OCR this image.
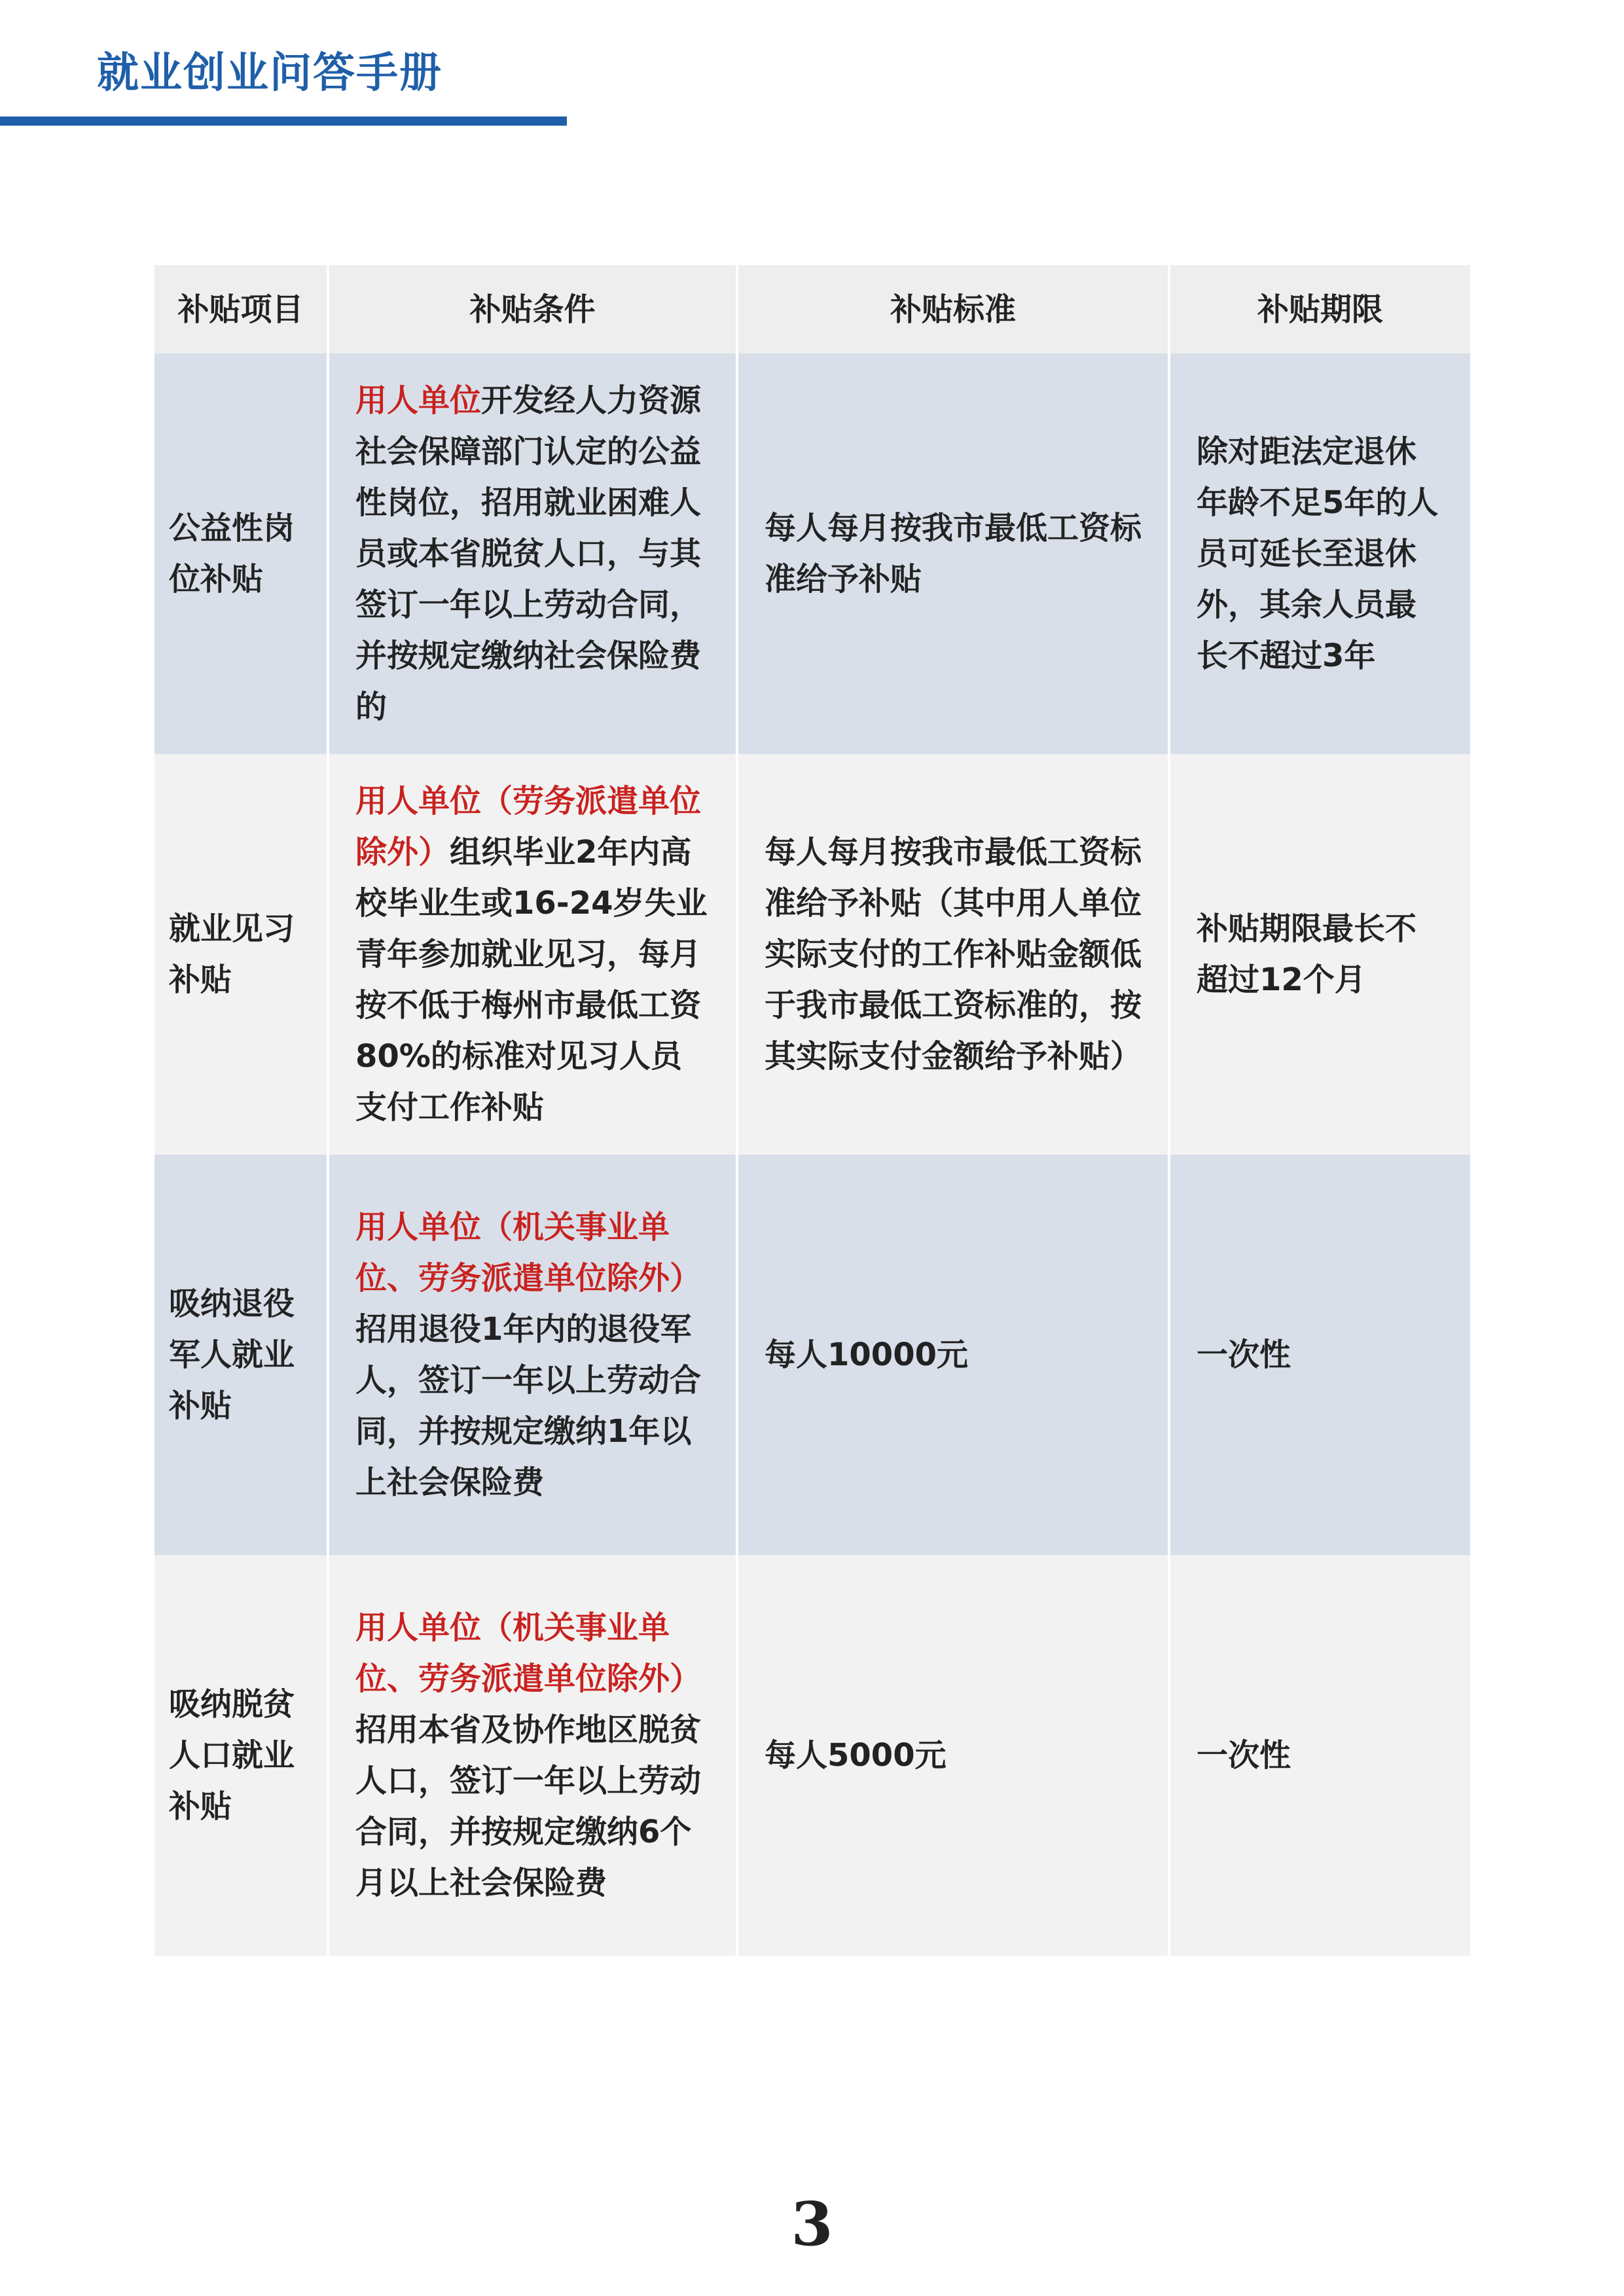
就业创业问答手册
补贴项目	补贴条件	补贴标准	补贴期限
公益性岗位补贴	用人单位开发经人力资源社会保障部门认定的公益性岗位，招用就业困难人员或本省脱贫人口，与其签订一年以上劳动合同，并按规定缴纳社会保险费的	每人每月按我市最低工资标准给予补贴	除对距法定退休年龄不足5年的人员可延长至退休外，其余人员最长不超过3年
就业见习补贴	用人单位（劳务派遣单位除外）组织毕业2年内高校毕业生或16-24岁失业青年参加就业见习，每月按不低于梅州市最低工资80%的标准对见习人员支付工作补贴	每人每月按我市最低工资标准给予补贴（其中用人单位实际支付的工作补贴金额低于我市最低工资标准的，按其实际支付金额给予补贴）	补贴期限最长不超过12个月
吸纳退役军人就业补贴	用人单位（机关事业单位、劳务派遣单位除外）招用退役1年内的退役军人，签订一年以上劳动合同，并按规定缴纳1年以上社会保险费	每人10000元	一次性
吸纳脱贫人口就业补贴	用人单位（机关事业单位、劳务派遣单位除外）招用本省及协作地区脱贫人口，签订一年以上劳动合同，并按规定缴纳6个月以上社会保险费	每人5000元	一次性
3
